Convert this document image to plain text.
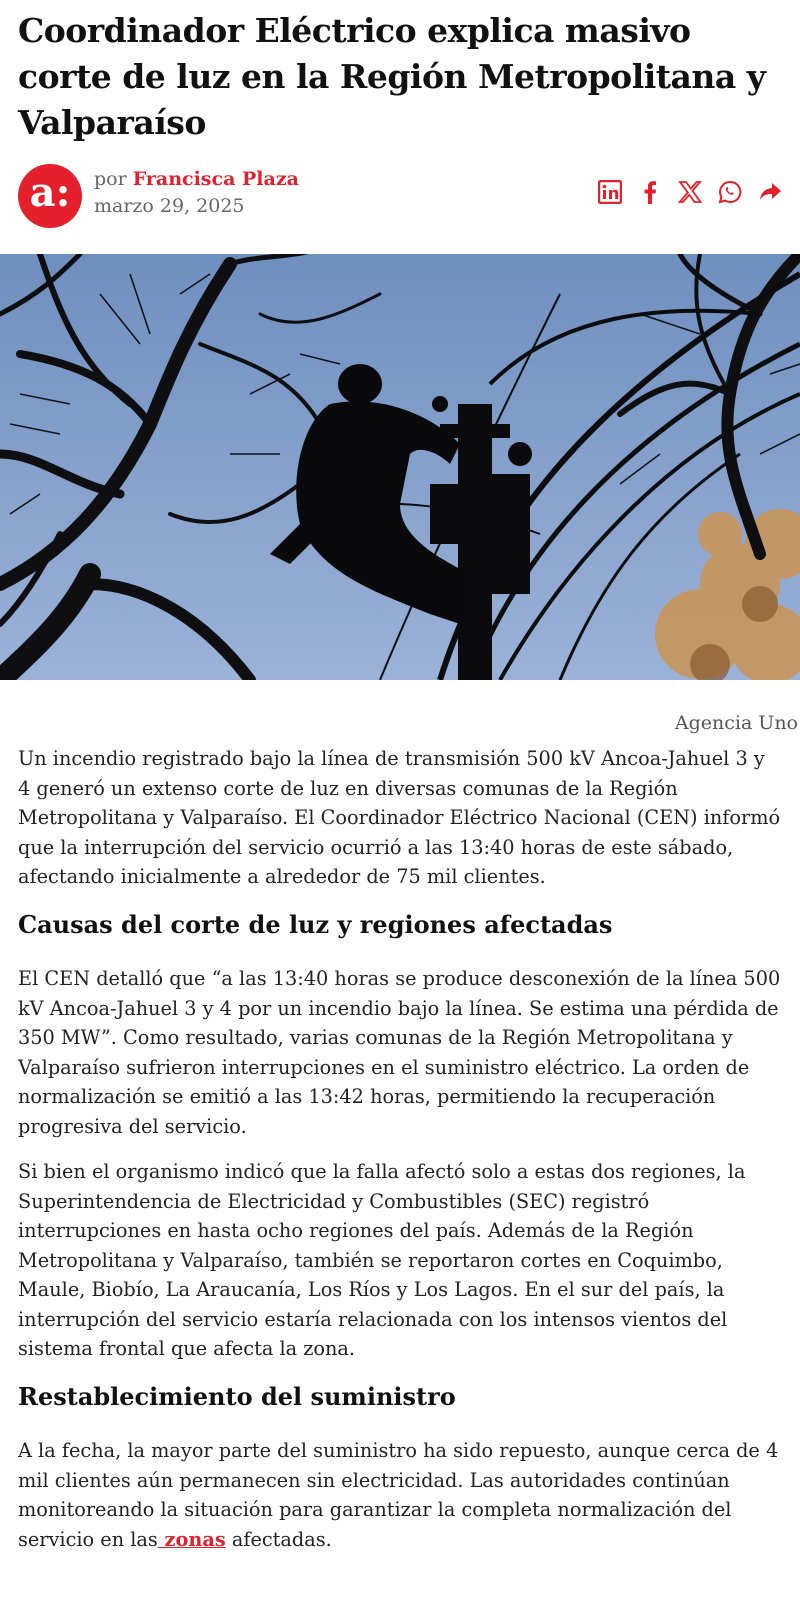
Coordinador Eléctrico explica masivo corte de luz en la Región Metropolitana y Valparaíso
a:	por Francisca Plaza
marzo 29, 2025
Agencia Uno

Un incendio registrado bajo la línea de transmisión 500 kV Ancoa-Jahuel 3 y 4 generó un extenso corte de luz en diversas comunas de la Región Metropolitana y Valparaíso. El Coordinador Eléctrico Nacional (CEN) informó que la interrupción del servicio ocurrió a las 13:40 horas de este sábado, afectando inicialmente a alrededor de 75 mil clientes.

Causas del corte de luz y regiones afectadas

El CEN detalló que “a las 13:40 horas se produce desconexión de la línea 500 kV Ancoa-Jahuel 3 y 4 por un incendio bajo la línea. Se estima una pérdida de 350 MW”. Como resultado, varias comunas de la Región Metropolitana y Valparaíso sufrieron interrupciones en el suministro eléctrico. La orden de normalización se emitió a las 13:42 horas, permitiendo la recuperación progresiva del servicio.

Si bien el organismo indicó que la falla afectó solo a estas dos regiones, la Superintendencia de Electricidad y Combustibles (SEC) registró interrupciones en hasta ocho regiones del país. Además de la Región Metropolitana y Valparaíso, también se reportaron cortes en Coquimbo, Maule, Biobío, La Araucanía, Los Ríos y Los Lagos. En el sur del país, la interrupción del servicio estaría relacionada con los intensos vientos del sistema frontal que afecta la zona.

Restablecimiento del suministro

A la fecha, la mayor parte del suministro ha sido repuesto, aunque cerca de 4 mil clientes aún permanecen sin electricidad. Las autoridades continúan monitoreando la situación para garantizar la completa normalización del servicio en las zonas afectadas.
